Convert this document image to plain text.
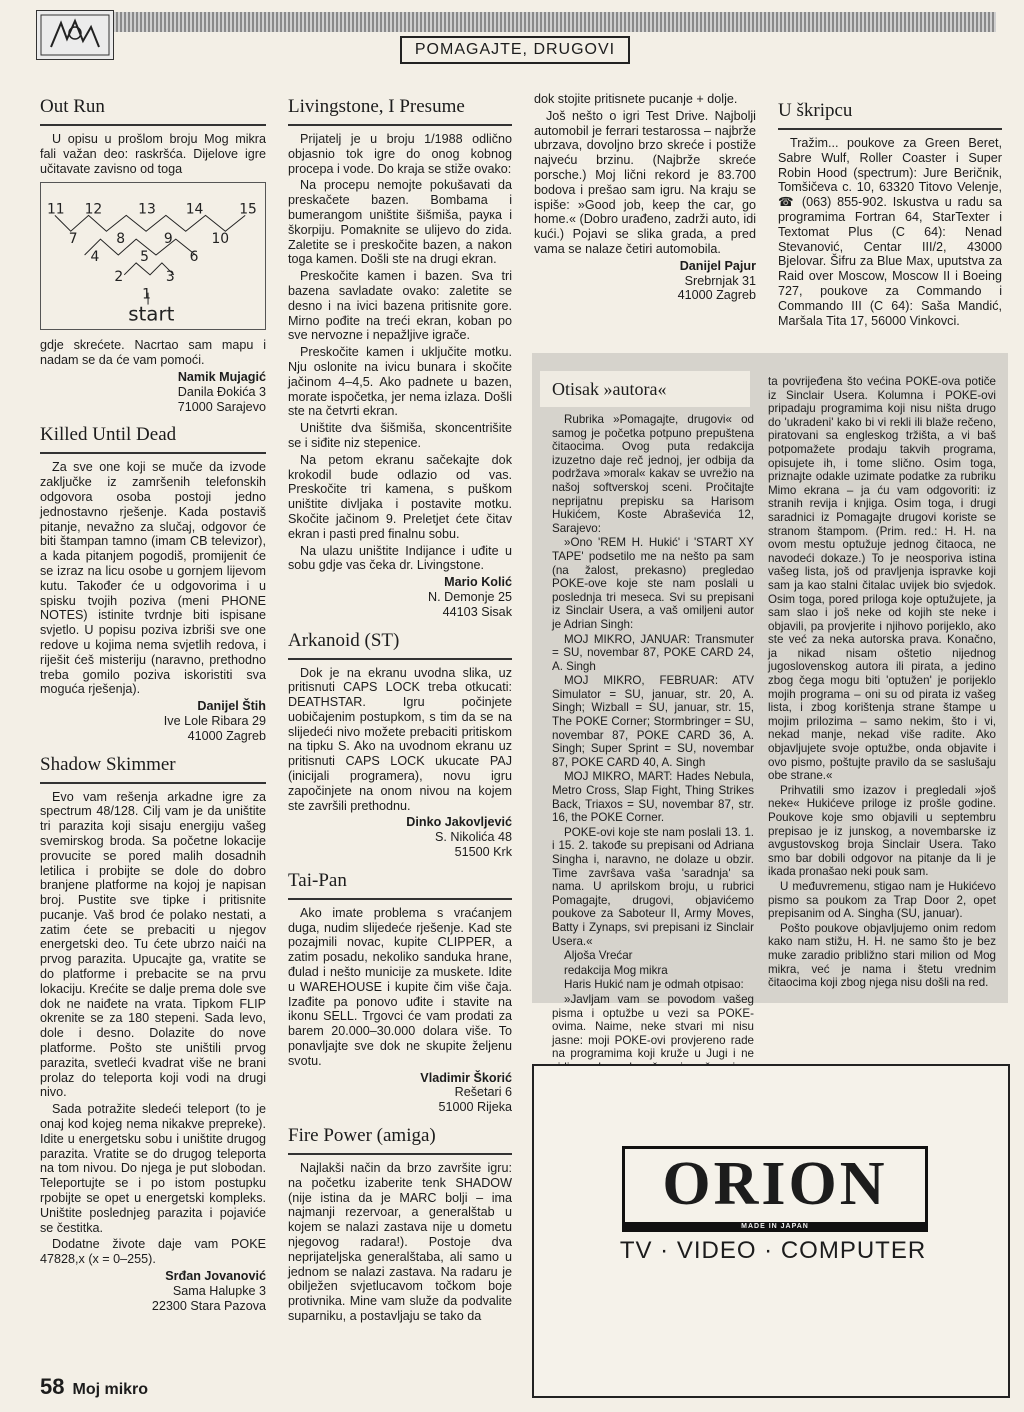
POMAGAJTE, DRUGOVI
Out Run

U opisu u prošlom broju Mog mikra fali važan deo: raskršća. Dijelove igre učitavate zavisno od toga

11 12	13 14	15
7	8	9	10
4	5	6
2	3
1
start

gdje skrećete. Nacrtao sam mapu i nadam se da će vam pomoći.

Namik Mujagić
Danila Đokića 3
71000 Sarajevo
Killed Until Dead

Za sve one koji se muče da izvode zaključke iz zamršenih telefonskih odgovora osoba postoji jedno jednostavno rješenje. Kada postaviš pitanje, nevažno za slučaj, odgovor će biti štampan tamno (imam CB televizor), a kada pitanjem pogodiš, promijenit će se izraz na licu osobe u gornjem lijevom kutu. Također će u odgovorima i u spisku tvojih poziva (meni PHONE NOTES) istinite tvrdnje biti ispisane svjetlo. U popisu poziva izbriši sve one redove u kojima nema svjetlih redova, i riješit ćeš misteriju (naravno, prethodno treba gomilo poziva iskoristiti sva moguća rješenja).

Danijel Štih
Ive Lole Ribara 29
41000 Zagreb
Shadow Skimmer

Evo vam rešenja arkadne igre za spectrum 48/128. Cilj vam je da uništite tri parazita koji sisaju energiju vašeg svemirskog broda. Sa početne lokacije provucite se pored malih dosadnih letilica i probijte se dole do dobro branjene platforme na kojoj je napisan broj. Pustite sve tipke i pritisnite pucanje. Vaš brod će polako nestati, a zatim ćete se prebaciti u njegov energetski deo. Tu ćete ubrzo naići na prvog parazita. Upucajte ga, vratite se do platforme i prebacite se na prvu lokaciju. Krećite se dalje prema dole sve dok ne naiđete na vrata. Tipkom FLIP okrenite se za 180 stepeni. Sada levo, dole i desno. Dolazite do nove platforme. Pošto ste uništili prvog parazita, svetleći kvadrat više ne brani prolaz do teleporta koji vodi na drugi nivo.

Sada potražite sledeći teleport (to je onaj kod kojeg nema nikakve prepreke). Idite u energetsku sobu i uništite drugog parazita. Vratite se do drugog teleporta na tom nivou. Do njega je put slobodan. Teleportujte se i po istom postupku rpobijte se opet u energetski kompleks. Uništite poslednjeg parazita i pojavićе se čestitka.

Dodatne živote daje vam POKE 47828,x (x = 0–255).

Srđan Jovanović
Sama Halupke 3
22300 Stara Pazova
Livingstone, I Presume

Prijatelj je u broju 1/1988 odlično objasnio tok igre do onog kobnog procepa i vode. Do kraja se stiže ovako:

Na procepu nemojte pokušavati da preskačete bazen. Bombama i bumerangom uništite šišmiša, paука i škorpiju. Pomaknite se ulijevo do zida. Zaletite se i preskočite bazen, a nakon toga kamen. Došli ste na drugi ekran.

Preskočite kamen i bazen. Sva tri bazena savladate ovako: zaletite se desno i na ivici bazena pritisnite gore. Mirno pođite na treći ekran, koban po sve nervozne i nepažljive igrače.

Preskočite kamen i uključite motku. Nju oslonite na ivicu bunara i skočite jačinom 4–4,5. Ako padnete u bazen, morate ispočetka, jer nema izlaza. Došli ste na četvrti ekran.

Uništite dva šišmiša, skoncentrišite se i siđite niz stepenice.

Na petom ekranu sačekajte dok krokodil bude odlazio od vas. Preskočite tri kamena, s puškom uništite divljaka i postavite motku. Skočite jačinom 9. Preletjet ćete čitav ekran i pasti pred finalnu sobu.

Na ulazu uništite Indijance i uđite u sobu gdje vas čeka dr. Livingstone.

Mario Kolić
N. Demonje 25
44103 Sisak
Arkanoid (ST)

Dok je na ekranu uvodna slika, uz pritisnuti CAPS LOCK treba otkucati: DEATHSTAR. Igru počinjete uobičajenim postupkom, s tim da se na slijedeći nivo možete prebaciti pritiskom na tipku S. Ako na uvodnom ekranu uz pritisnuti CAPS LOCK ukucate PAJ (inicijali programera), novu igru započinjete na onom nivou na kojem ste završili prethodnu.

Dinko Jakovljević
S. Nikolića 48
51500 Krk
Tai-Pan

Ako imate problema s vraćanjem duga, nudim slijedeće rješenje. Kad ste pozajmili novac, kupite CLIPPER, a zatim posadu, nekoliko sanduka hrane, đulad i nešto municije za muskete. Idite u WAREHOUSE i kupite čim više čaja. Izađite pa ponovo uđite i stavite na ikonu SELL. Trgovci će vam prodati za barem 20.000–30.000 dolara više. To ponavljajte sve dok ne skupite željenu svotu.

Vladimir Škorić
Rešetari 6
51000 Rijeka
Fire Power (amiga)

Najlakši način da brzo završite igru: na početku izaberite tenk SHADOW (nije istina da je MARC bolji – ima najmanji rezervoar, a generalštab u kojem se nalazi zastava nije u dometu njegovog radara!). Postoje dva neprijateljska generalštaba, ali samo u jednom se nalazi zastava. Na radaru je obilježen svjetlucavom točkom boje protivnika. Mine vam služe da podvalite suparniku, a postavljaju se tako da

dok stojite pritisnete pucanje + dolje.

Još nešto o igri Test Drive. Najbolji automobil je ferrari testarossa – najbrže ubrzava, dovoljno brzo skreće i postiže najveću brzinu. (Najbrže skreće porsche.) Moj lični rekord je 83.700 bodova i prešao sam igru. Na kraju se ispiše: »Good job, keep the car, go home.« (Dobro urađeno, zadrži auto, idi kući.) Pojavi se slika grada, a pred vama se nalaze četiri automobila.

Danijel Pajur
Srebrnjak 31
41000 Zagreb
U škripcu

Tražim... poukove za Green Beret, Sabre Wulf, Roller Coaster i Super Robin Hood (spectrum): Jure Beričnik, Tomšičeva c. 10, 63320 Titovo Velenje, ☎ (063) 855-902. Iskustva u radu sa programima Fortran 64, StarTexter i Textomat Plus (C 64): Nenad Stevanović, Centar III/2, 43000 Bjelovar. Šifru za Blue Max, uputstva za Raid over Moscow, Moscow II i Boeing 727, poukove za Commando i Commando III (C 64): Saša Mandić, Maršala Tita 17, 56000 Vinkovci.

Otisak »autora«

Rubrika »Pomagajte, drugovi« od samog je početka potpuno prepuštena čitaocima. Ovog puta redakcija izuzetno daje reč jednoj, jer odbija da podržava »moral« kakav se uvrežio na našoj softverskoj sceni. Pročitajte neprijatnu prepisku sa Harisom Hukićem, Koste Abraševića 12, Sarajevo:

»Ono 'REM H. Hukić' i 'START XY TAPE' podsetilo me na nešto pa sam (na žalost, prekasno) pregledao POKE-ove koje ste nam poslali u poslednja tri meseca. Svi su prepisani iz Sinclair Usera, a vaš omiljeni autor je Adrian Singh:

MOJ MIKRO, JANUAR: Transmuter = SU, novembar 87, POKE CARD 24, A. Singh

MOJ MIKRO, FEBRUAR: ATV Simulator = SU, januar, str. 20, A. Singh; Wizball = SU, januar, str. 15, The POKE Corner; Stormbringer = SU, novembar 87, POKE CARD 36, A. Singh; Super Sprint = SU, novembar 87, POKE CARD 40, A. Singh

MOJ MIKRO, MART: Hades Nebula, Metro Cross, Slap Fight, Thing Strikes Back, Triaxos = SU, novembar 87, str. 16, the POKE Corner.

POKE-ovi koje ste nam poslali 13. 1. i 15. 2. takođe su prepisani od Adriana Singha i, naravno, ne dolaze u obzir. Time zavrŝava vaša 'saradnja' sa nama. U aprilskom broju, u rubrici Pomagajte, drugovi, objavićemo poukove za Saboteur II, Army Moves, Batty i Zynaps, svi prepisani iz Sinclair Usera.«

Aljoša Vrećar

redakcija Mog mikra

Haris Hukić nam je odmah otpisao:

»Javljam vam se povodom vašeg pisma i optužbe u vezi sa POKE-ovima. Naime, neke stvari mi nisu jasne: moji POKE-ovi provjereno rade na programima koji kruže u Jugi i ne

ta povrijeđena što većina POKE-ova potiče iz Sinclair Usera. Kolumna i POKE-ovi pripadaju programima koji nisu ništa drugo do 'ukradeni' kako bi vi rekli ili blaže rečeno, piratovani sa engleskog tržišta, a vi baš potpomažete prodaju takvih programa, opisujete ih, i tome slično. Osim toga, priznajte odakle uzimate podatke za rubriku Mimo ekrana – ja ću vam odgovoriti: iz stranih revija i knjiga. Osim toga, i drugi saradnici iz Pomagajte drugovi koriste se stranom štampom. (Prim. red.: H. H. na ovom mestu optužuje jednog čitaoca, ne navodeći dokaze.) To je neosporiva istina vašeg lista, još od pravljenja ispravke koji sam ja kao stalni čitalac uvijek bio svjedok. Osim toga, pored priloga koje optužujete, ja sam slao i još neke od kojih ste neke i objavili, pa provjerite i njihovo porijeklo, ako ste već za neka autorska prava. Konačno, ja nikad nisam oštetio nijednog jugoslovenskog autora ili pirata, a jedino zbog čega mogu biti 'optužen' je porijeklo mojih programa – oni su od pirata iz vašeg lista, i zbog korištenja strane štampe u mojim prilozima – samo nekim, što i vi, nekad manje, nekad više radite. Ako objavljujete svoje optužbe, onda objavite i ovo pismo, poštujte pravilo da se saslušaju obe strane.«

Prihvatili smo izazov i pregledali »još neke« Hukićeve priloge iz prošle godine. Poukove koje smo objavili u septembru prepisao je iz junskog, a novembarske iz avgustovskog broja Sinclair Usera. Tako smo bar dobili odgovor na pitanje da li je ikada pronašao neki pouk sam.

U međuvremenu, stigao nam je Hukićevo pismo sa poukom za Trap Door 2, opet prepisanim od A. Singha (SU, januar).

Pošto poukove objavljujemo onim redom kako nam stižu, H. H. ne samo što je bez muke zaradio približno stari milion od Mog mikra, već je nama i štetu vrednim čitaocima koji zbog njega nisu došli na red.

ORION
MADE IN JAPAN
TV · VIDEO · COMPUTER
58 Moj mikro
